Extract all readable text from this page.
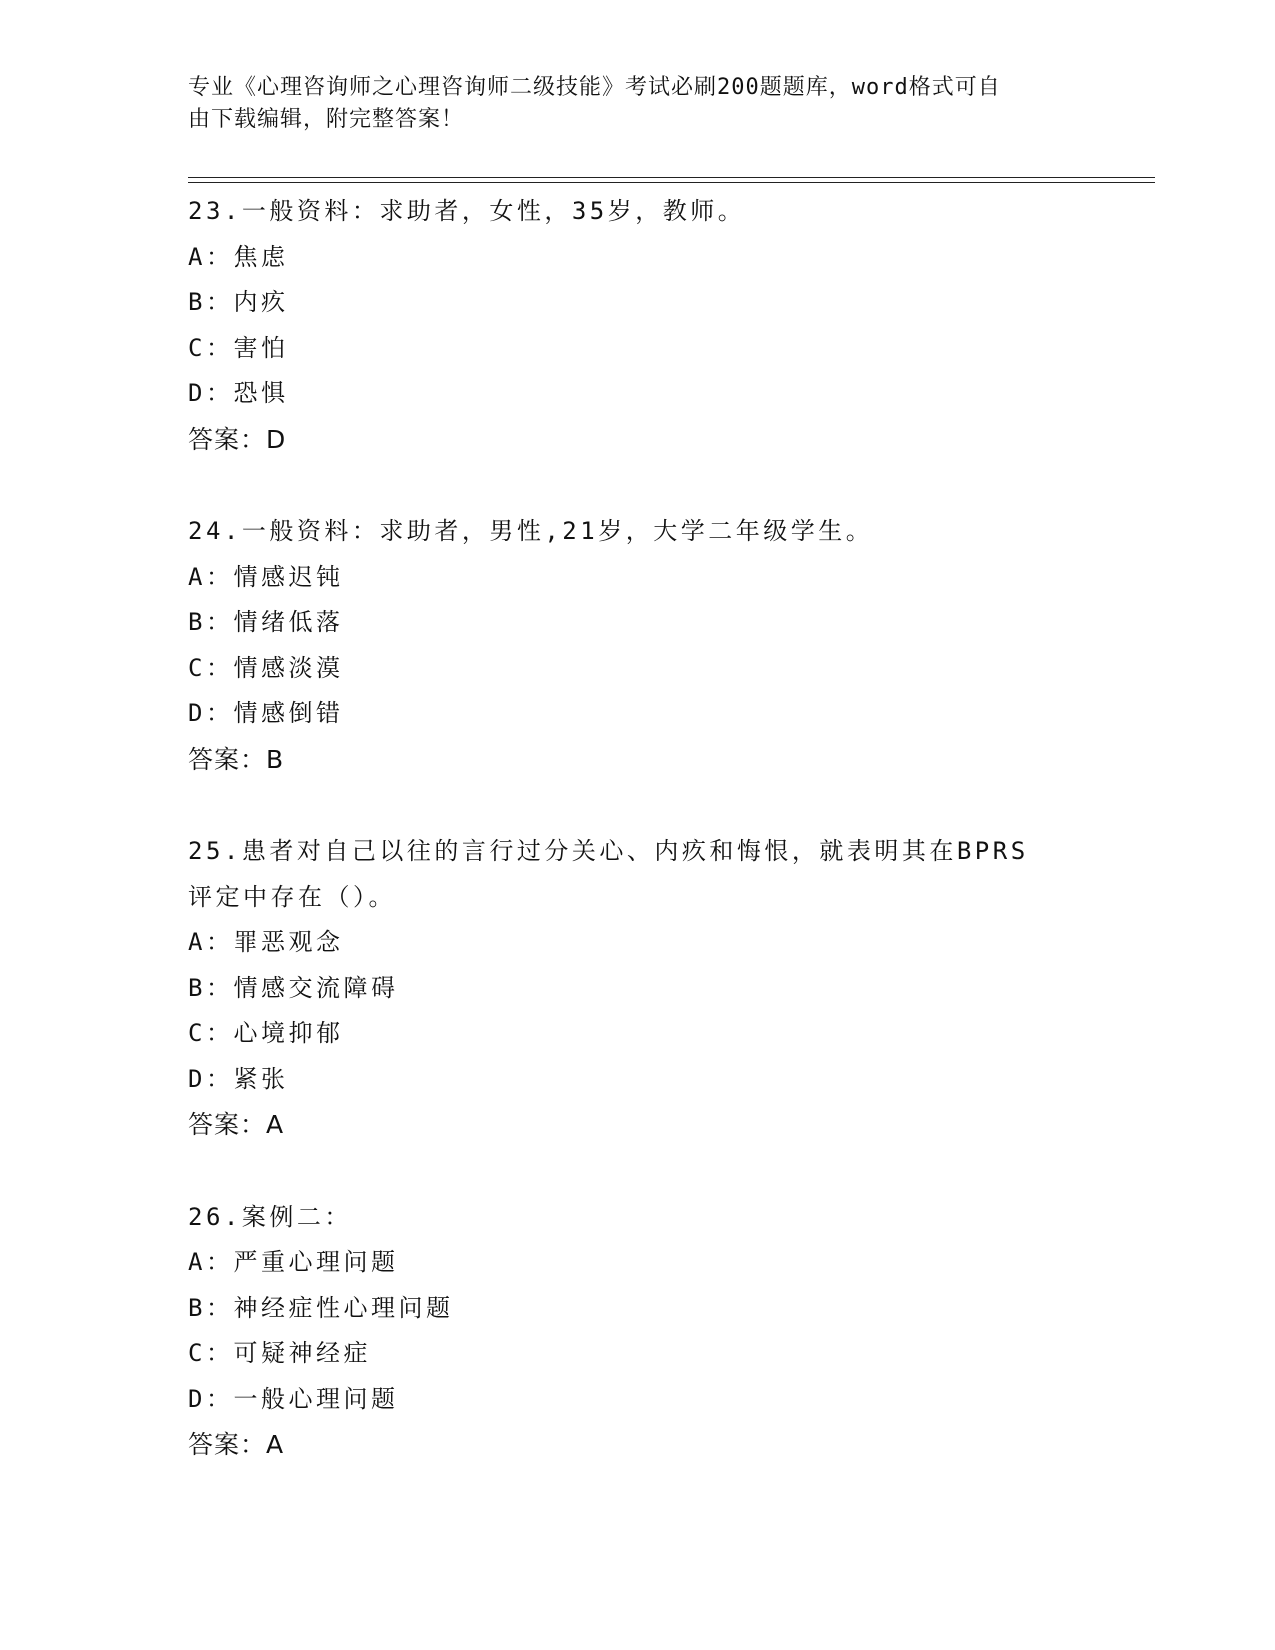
专业《心理咨询师之心理咨询师二级技能》考试必刷200题题库，word格式可自
由下载编辑，附完整答案！
23.一般资料：求助者，女性，35岁，教师。
A：焦虑
B：内疚
C：害怕
D：恐惧
答案：D
24.一般资料：求助者，男性,21岁，大学二年级学生。
A：情感迟钝
B：情绪低落
C：情感淡漠
D：情感倒错
答案：B
25.患者对自己以往的言行过分关心、内疚和悔恨，就表明其在BPRS
评定中存在（）。
A：罪恶观念
B：情感交流障碍
C：心境抑郁
D：紧张
答案：A
26.案例二：
A：严重心理问题
B：神经症性心理问题
C：可疑神经症
D：一般心理问题
答案：A
